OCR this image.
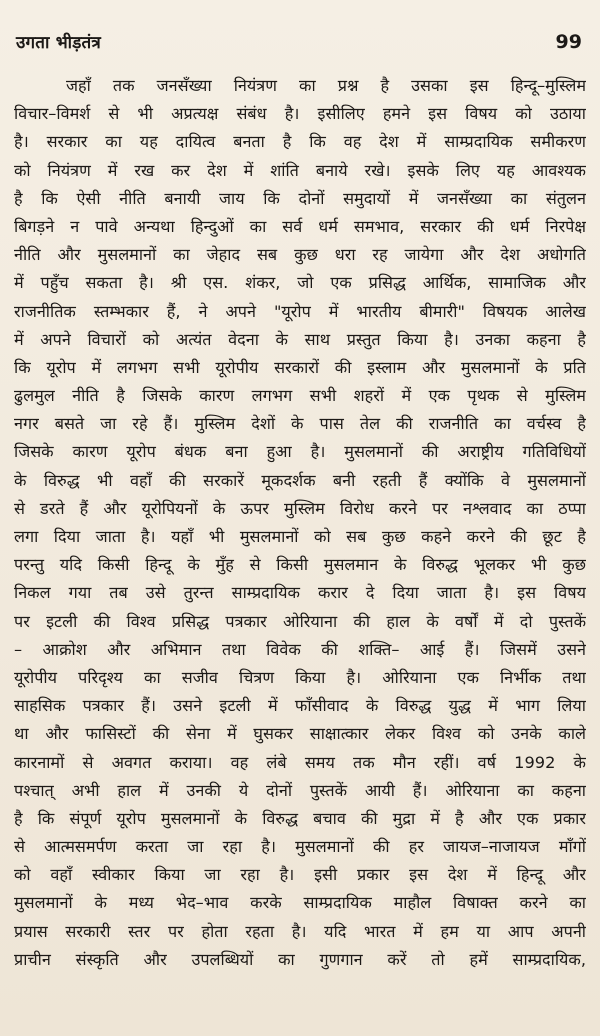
उगता भीड़तंत्र	99
जहाँ तक जनसँख्या नियंत्रण का प्रश्न है उसका इस हिन्दू–मुस्लिम
विचार–विमर्श से भी अप्रत्यक्ष संबंध है। इसीलिए हमने इस विषय को उठाया
है। सरकार का यह दायित्व बनता है कि वह देश में साम्प्रदायिक समीकरण
को नियंत्रण में रख कर देश में शांति बनाये रखे। इसके लिए यह आवश्यक
है कि ऐसी नीति बनायी जाय कि दोनों समुदायों में जनसँख्या का संतुलन
बिगड़ने न पावे अन्यथा हिन्दुओं का सर्व धर्म समभाव, सरकार की धर्म निरपेक्ष
नीति और मुसलमानों का जेहाद सब कुछ धरा रह जायेगा और देश अधोगति
में पहुँच सकता है। श्री एस. शंकर, जो एक प्रसिद्ध आर्थिक, सामाजिक और
राजनीतिक स्तम्भकार हैं, ने अपने "यूरोप में भारतीय बीमारी" विषयक आलेख
में अपने विचारों को अत्यंत वेदना के साथ प्रस्तुत किया है। उनका कहना है
कि यूरोप में लगभग सभी यूरोपीय सरकारों की इस्लाम और मुसलमानों के प्रति
ढुलमुल नीति है जिसके कारण लगभग सभी शहरों में एक पृथक से मुस्लिम
नगर बसते जा रहे हैं। मुस्लिम देशों के पास तेल की राजनीति का वर्चस्व है
जिसके कारण यूरोप बंधक बना हुआ है। मुसलमानों की अराष्ट्रीय गतिविधियों
के विरुद्ध भी वहाँ की सरकारें मूकदर्शक बनी रहती हैं क्योंकि वे मुसलमानों
से डरते हैं और यूरोपियनों के ऊपर मुस्लिम विरोध करने पर नश्लवाद का ठप्पा
लगा दिया जाता है। यहाँ भी मुसलमानों को सब कुछ कहने करने की छूट है
परन्तु यदि किसी हिन्दू के मुँह से किसी मुसलमान के विरुद्ध भूलकर भी कुछ
निकल गया तब उसे तुरन्त साम्प्रदायिक करार दे दिया जाता है। इस विषय
पर इटली की विश्व प्रसिद्ध पत्रकार ओरियाना की हाल के वर्षों में दो पुस्तकें
– आक्रोश और अभिमान तथा विवेक की शक्ति– आई हैं। जिसमें उसने
यूरोपीय परिदृश्य का सजीव चित्रण किया है। ओरियाना एक निर्भीक तथा
साहसिक पत्रकार हैं। उसने इटली में फाँसीवाद के विरुद्ध युद्ध में भाग लिया
था और फासिस्टों की सेना में घुसकर साक्षात्कार लेकर विश्व को उनके काले
कारनामों से अवगत कराया। वह लंबे समय तक मौन रहीं। वर्ष 1992 के
पश्चात् अभी हाल में उनकी ये दोनों पुस्तकें आयी हैं। ओरियाना का कहना
है कि संपूर्ण यूरोप मुसलमानों के विरुद्ध बचाव की मुद्रा में है और एक प्रकार
से आत्मसमर्पण करता जा रहा है। मुसलमानों की हर जायज–नाजायज माँगों
को वहाँ स्वीकार किया जा रहा है। इसी प्रकार इस देश में हिन्दू और
मुसलमानों के मध्य भेद–भाव करके साम्प्रदायिक माहौल विषाक्त करने का
प्रयास सरकारी स्तर पर होता रहता है। यदि भारत में हम या आप अपनी
प्राचीन संस्कृति और उपलब्धियों का गुणगान करें तो हमें साम्प्रदायिक,
